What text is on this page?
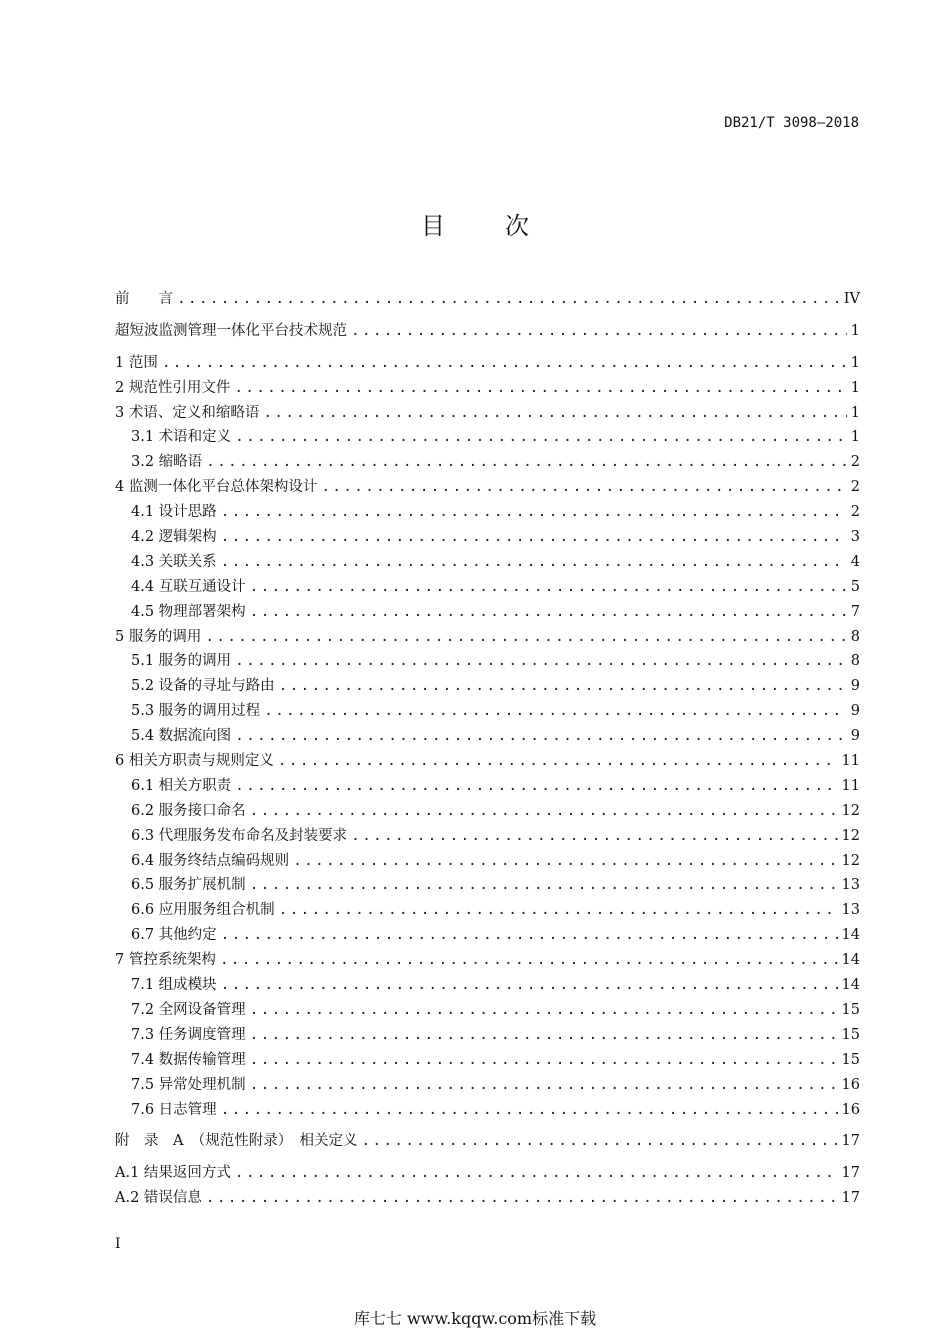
DB21/T 3098—2018
目	次
前　　言 .....	IV
超短波监测管理一体化平台技术规范 .....	1
1 范围 .....	1
2 规范性引用文件 .....	1
3 术语、定义和缩略语 .....	1
3.1 术语和定义 .....	1
3.2 缩略语 .....	2
4 监测一体化平台总体架构设计 .....	2
4.1 设计思路 .....	2
4.2 逻辑架构 .....	3
4.3 关联关系 .....	4
4.4 互联互通设计 .....	5
4.5 物理部署架构 .....	7
5 服务的调用 .....	8
5.1 服务的调用 .....	8
5.2 设备的寻址与路由 .....	9
5.3 服务的调用过程 .....	9
5.4 数据流向图 .....	9
6 相关方职责与规则定义 .....	11
6.1 相关方职责 .....	11
6.2 服务接口命名 .....	12
6.3 代理服务发布命名及封装要求 .....	12
6.4 服务终结点编码规则 .....	12
6.5 服务扩展机制 .....	13
6.6 应用服务组合机制 .....	13
6.7 其他约定 .....	14
7 管控系统架构 .....	14
7.1 组成模块 .....	14
7.2 全网设备管理 .....	15
7.3 任务调度管理 .....	15
7.4 数据传输管理 .....	15
7.5 异常处理机制 .....	16
7.6 日志管理 .....	16
附　录　A　（规范性附录）　相关定义 .....	17
A.1 结果返回方式 .....	17
A.2 错误信息 .....	17
I
库七七 www.kqqw.com标准下载
